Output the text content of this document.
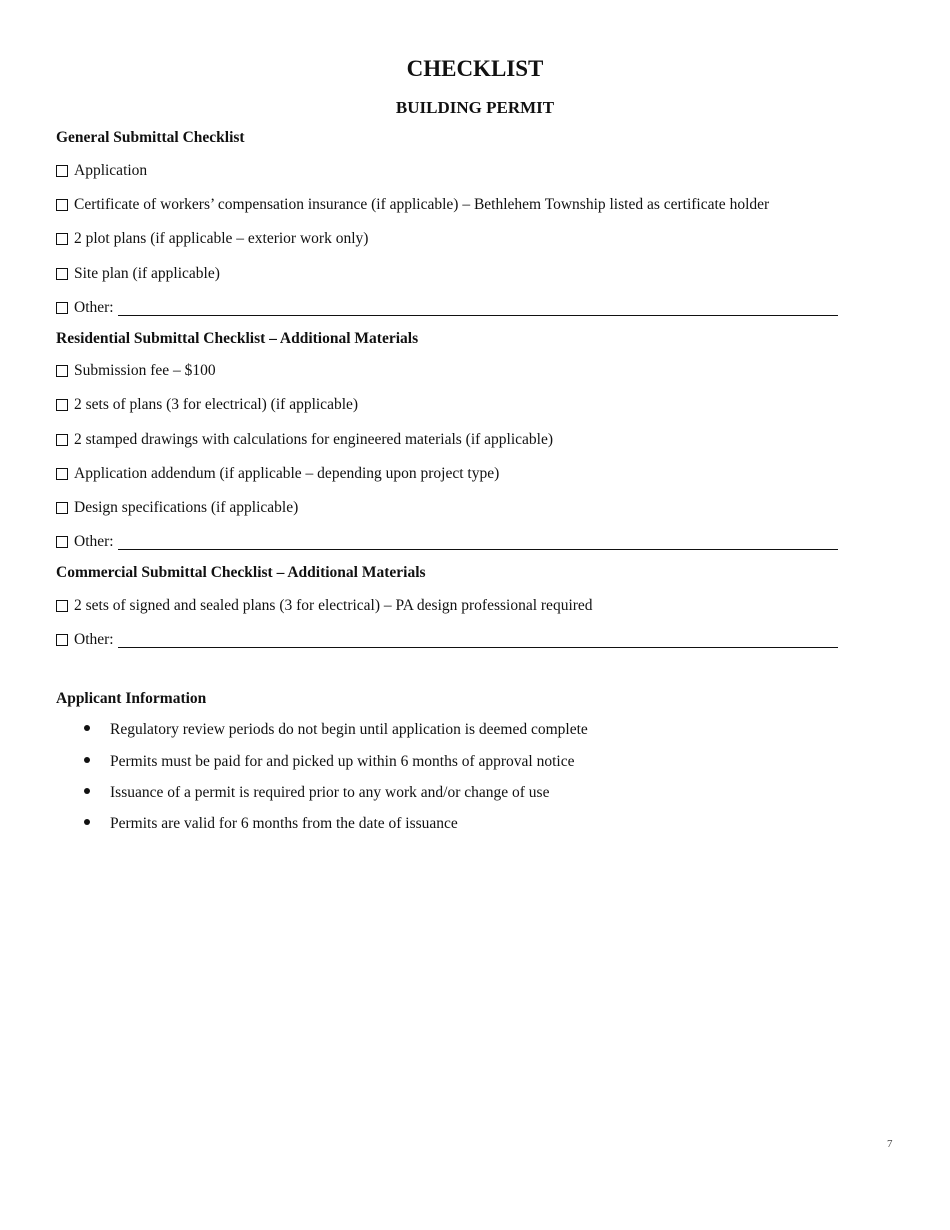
CHECKLIST
BUILDING PERMIT
General Submittal Checklist
Application
Certificate of workers’ compensation insurance (if applicable) – Bethlehem Township listed as certificate holder
2 plot plans (if applicable – exterior work only)
Site plan (if applicable)
Other:
Residential Submittal Checklist – Additional Materials
Submission fee – $100
2 sets of plans (3 for electrical) (if applicable)
2 stamped drawings with calculations for engineered materials (if applicable)
Application addendum (if applicable – depending upon project type)
Design specifications (if applicable)
Other:
Commercial Submittal Checklist – Additional Materials
2 sets of signed and sealed plans (3 for electrical) – PA design professional required
Other:
Applicant Information
Regulatory review periods do not begin until application is deemed complete
Permits must be paid for and picked up within 6 months of approval notice
Issuance of a permit is required prior to any work and/or change of use
Permits are valid for 6 months from the date of issuance
7
